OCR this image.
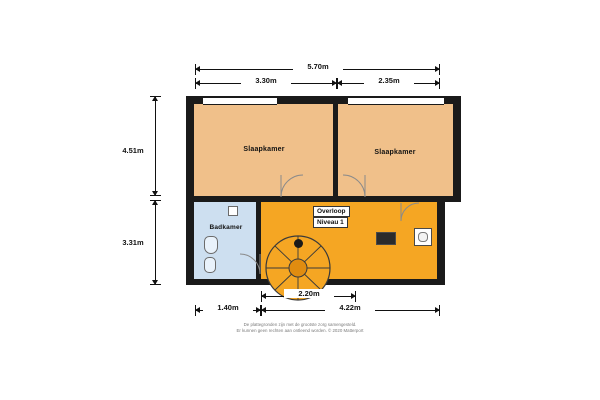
5.70m
3.30m	2.35m
4.51m
3.31m
Slaapkamer	Slaapkamer
Badkamer
Overloop
Niveau 1
2.20m
1.40m	4.22m
De plattegronden zijn met de grootste zorg samengesteld.
Er kunnen geen rechten aan ontleend worden. © 2020 Matterport
